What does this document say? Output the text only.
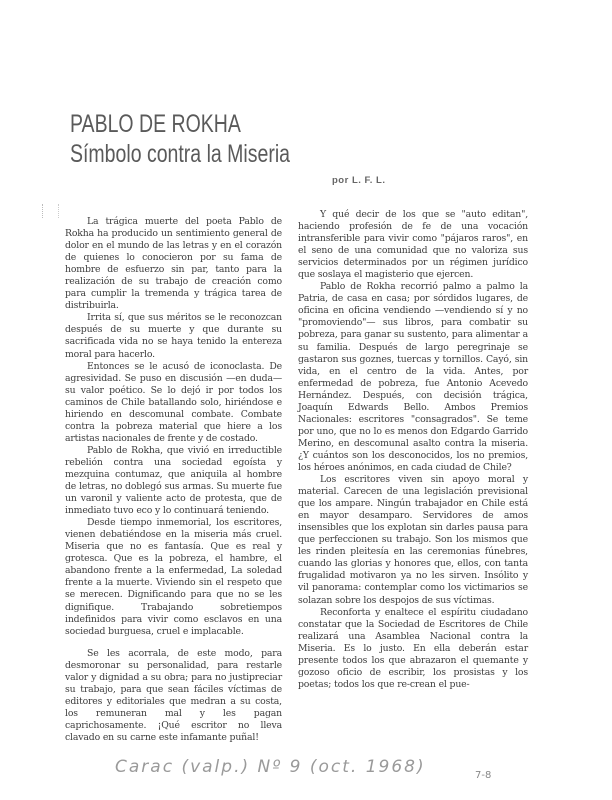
PABLO DE ROKHA
Símbolo contra la Miseria
por L. F. L.

La trágica muerte del poeta Pablo de Rokha ha producido un sentimiento general de dolor en el mundo de las letras y en el corazón de quienes lo conocieron por su fama de hombre de esfuerzo sin par, tanto para la realización de su trabajo de creación como para cumplir la tremenda y trágica tarea de distribuirla.

Irrita sí, que sus méritos se le reconozcan después de su muerte y que durante su sacrificada vida no se haya tenido la entereza moral para hacerlo.

Entonces se le acusó de iconoclasta. De agresividad. Se puso en discusión —en duda— su valor poético. Se lo dejó ir por todos los caminos de Chile batallando solo, hiriéndose e hiriendo en descomunal combate. Combate contra la pobreza material que hiere a los artistas nacionales de frente y de costado.

Pablo de Rokha, que vivió en irreductible rebelión contra una sociedad egoísta y mezquina contumaz, que aniquila al hombre de letras, no doblegó sus armas. Su muerte fue un varonil y valiente acto de protesta, que de inmediato tuvo eco y lo continuará teniendo.

Desde tiempo inmemorial, los escritores, vienen debatiéndose en la miseria más cruel. Miseria que no es fantasía. Que es real y grotesca. Que es la pobreza, el hambre, el abandono frente a la enfermedad, La soledad frente a la muerte. Viviendo sin el respeto que se merecen. Dignificando para que no se les dignifique. Trabajando sobretiempos indefinidos para vivir como esclavos en una sociedad burguesa, cruel e implacable.

Se les acorrala, de este modo, para desmoronar su personalidad, para restarle valor y dignidad a su obra; para no justipreciar su trabajo, para que sean fáciles víctimas de editores y editoriales que medran a su costa, los remuneran mal y les pagan caprichosamente. ¡Qué escritor no lleva clavado en su carne este infamante puñal!

Y qué decir de los que se "auto editan", haciendo profesión de fe de una vocación intransferible para vivir como "pájaros raros", en el seno de una comunidad que no valoriza sus servicios determinados por un régimen jurídico que soslaya el magisterio que ejercen.

Pablo de Rokha recorrió palmo a palmo la Patria, de casa en casa; por sórdidos lugares, de oficina en oficina vendiendo —vendiendo sí y no "promoviendo"— sus libros, para combatir su pobreza, para ganar su sustento, para alimentar a su familia. Después de largo peregrinaje se gastaron sus goznes, tuercas y tornillos. Cayó, sin vida, en el centro de la vida. Antes, por enfermedad de pobreza, fue Antonio Acevedo Hernández. Después, con decisión trágica, Joaquín Edwards Bello. Ambos Premios Nacionales: escritores "consagrados". Se teme por uno, que no lo es menos don Edgardo Garrido Merino, en descomunal asalto contra la miseria. ¿Y cuántos son los desconocidos, los no premios, los héroes anónimos, en cada ciudad de Chile?

Los escritores viven sin apoyo moral y material. Carecen de una legislación previsional que los ampare. Ningún trabajador en Chile está en mayor desamparo. Servidores de amos insensibles que los explotan sin darles pausa para que perfeccionen su trabajo. Son los mismos que les rinden pleitesía en las ceremonias fúnebres, cuando las glorias y honores que, ellos, con tanta frugalidad motivaron ya no les sirven. Insólito y vil panorama: contemplar como los victimarios se solazan sobre los despojos de sus víctimas.

Reconforta y enaltece el espíritu ciudadano constatar que la Sociedad de Escritores de Chile realizará una Asamblea Nacional contra la Miseria. Es lo justo. En ella deberán estar presente todos los que abrazaron el quemante y gozoso oficio de escribir, los prosistas y los poetas; todos los que re-crean el pue-

Carac (valp.) Nº 9 (oct. 1968)	7-8
